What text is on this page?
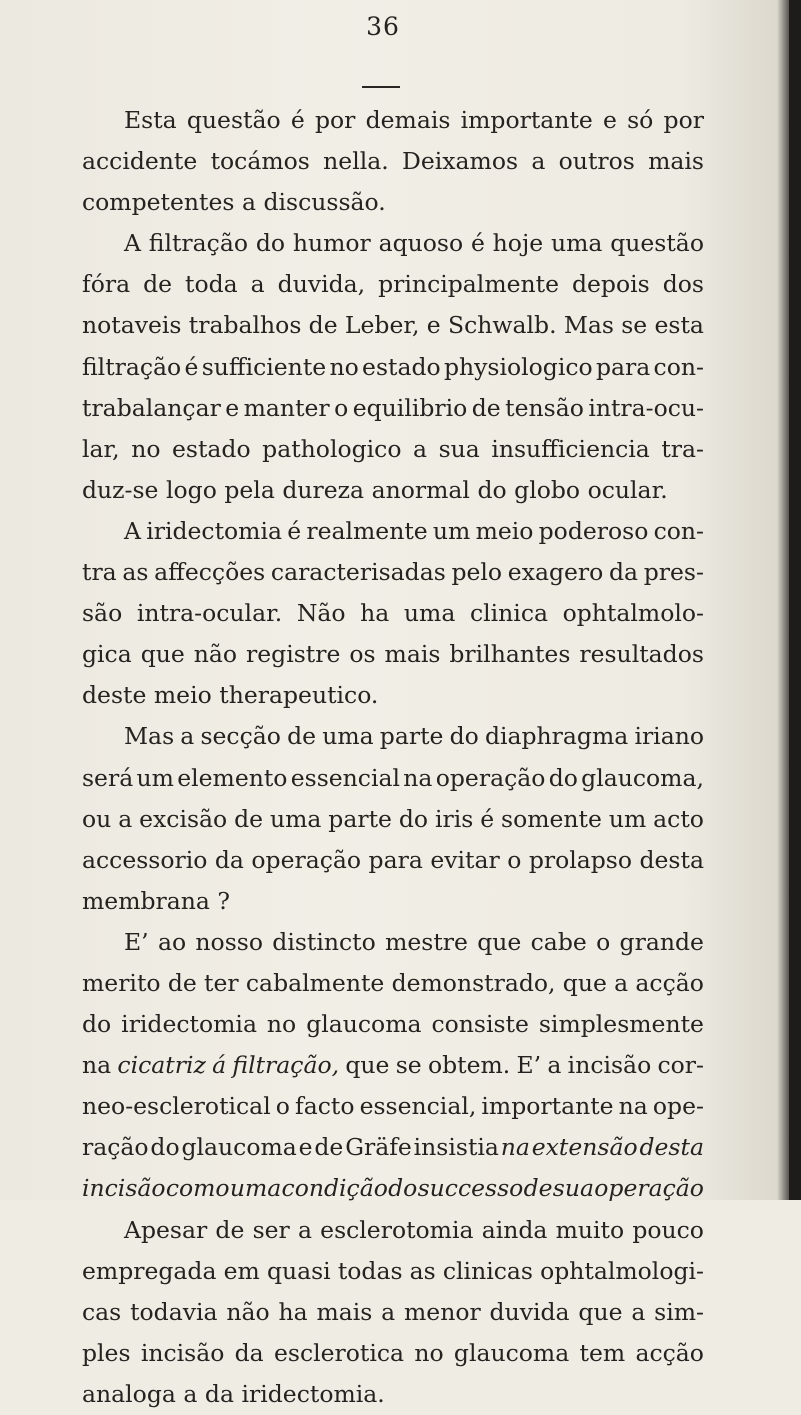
36
Esta questão é por demais importante e só por
accidente tocámos nella. Deixamos a outros mais
competentes a discussão.
A filtração do humor aquoso é hoje uma questão
fóra de toda a duvida, principalmente depois dos
notaveis trabalhos de Leber, e Schwalb. Mas se esta
filtração é sufficiente no estado physiologico para con-
trabalançar e manter o equilibrio de tensão intra-ocu-
lar, no estado pathologico a sua insufficiencia tra-
duz-se logo pela dureza anormal do globo ocular.
A iridectomia é realmente um meio poderoso con-
tra as affecções caracterisadas pelo exagero da pres-
são intra-ocular. Não ha uma clinica ophtalmolo-
gica que não registre os mais brilhantes resultados
deste meio therapeutico.
Mas a secção de uma parte do diaphragma iriano
será um elemento essencial na operação do glaucoma,
ou a excisão de uma parte do iris é somente um acto
accessorio da operação para evitar o prolapso desta
membrana ?
E’ ao nosso distincto mestre que cabe o grande
merito de ter cabalmente demonstrado, que a acção
do iridectomia no glaucoma consiste simplesmente
na cicatriz á filtração, que se obtem. E’ a incisão cor-
neo-esclerotical o facto essencial, importante na ope-
ração do glaucoma e de Gräfe insistia na extensão desta
incisão como uma condição do successo de sua operação
Apesar de ser a esclerotomia ainda muito pouco
empregada em quasi todas as clinicas ophtalmologi-
cas todavia não ha mais a menor duvida que a sim-
ples incisão da esclerotica no glaucoma tem acção
analoga a da iridectomia.
